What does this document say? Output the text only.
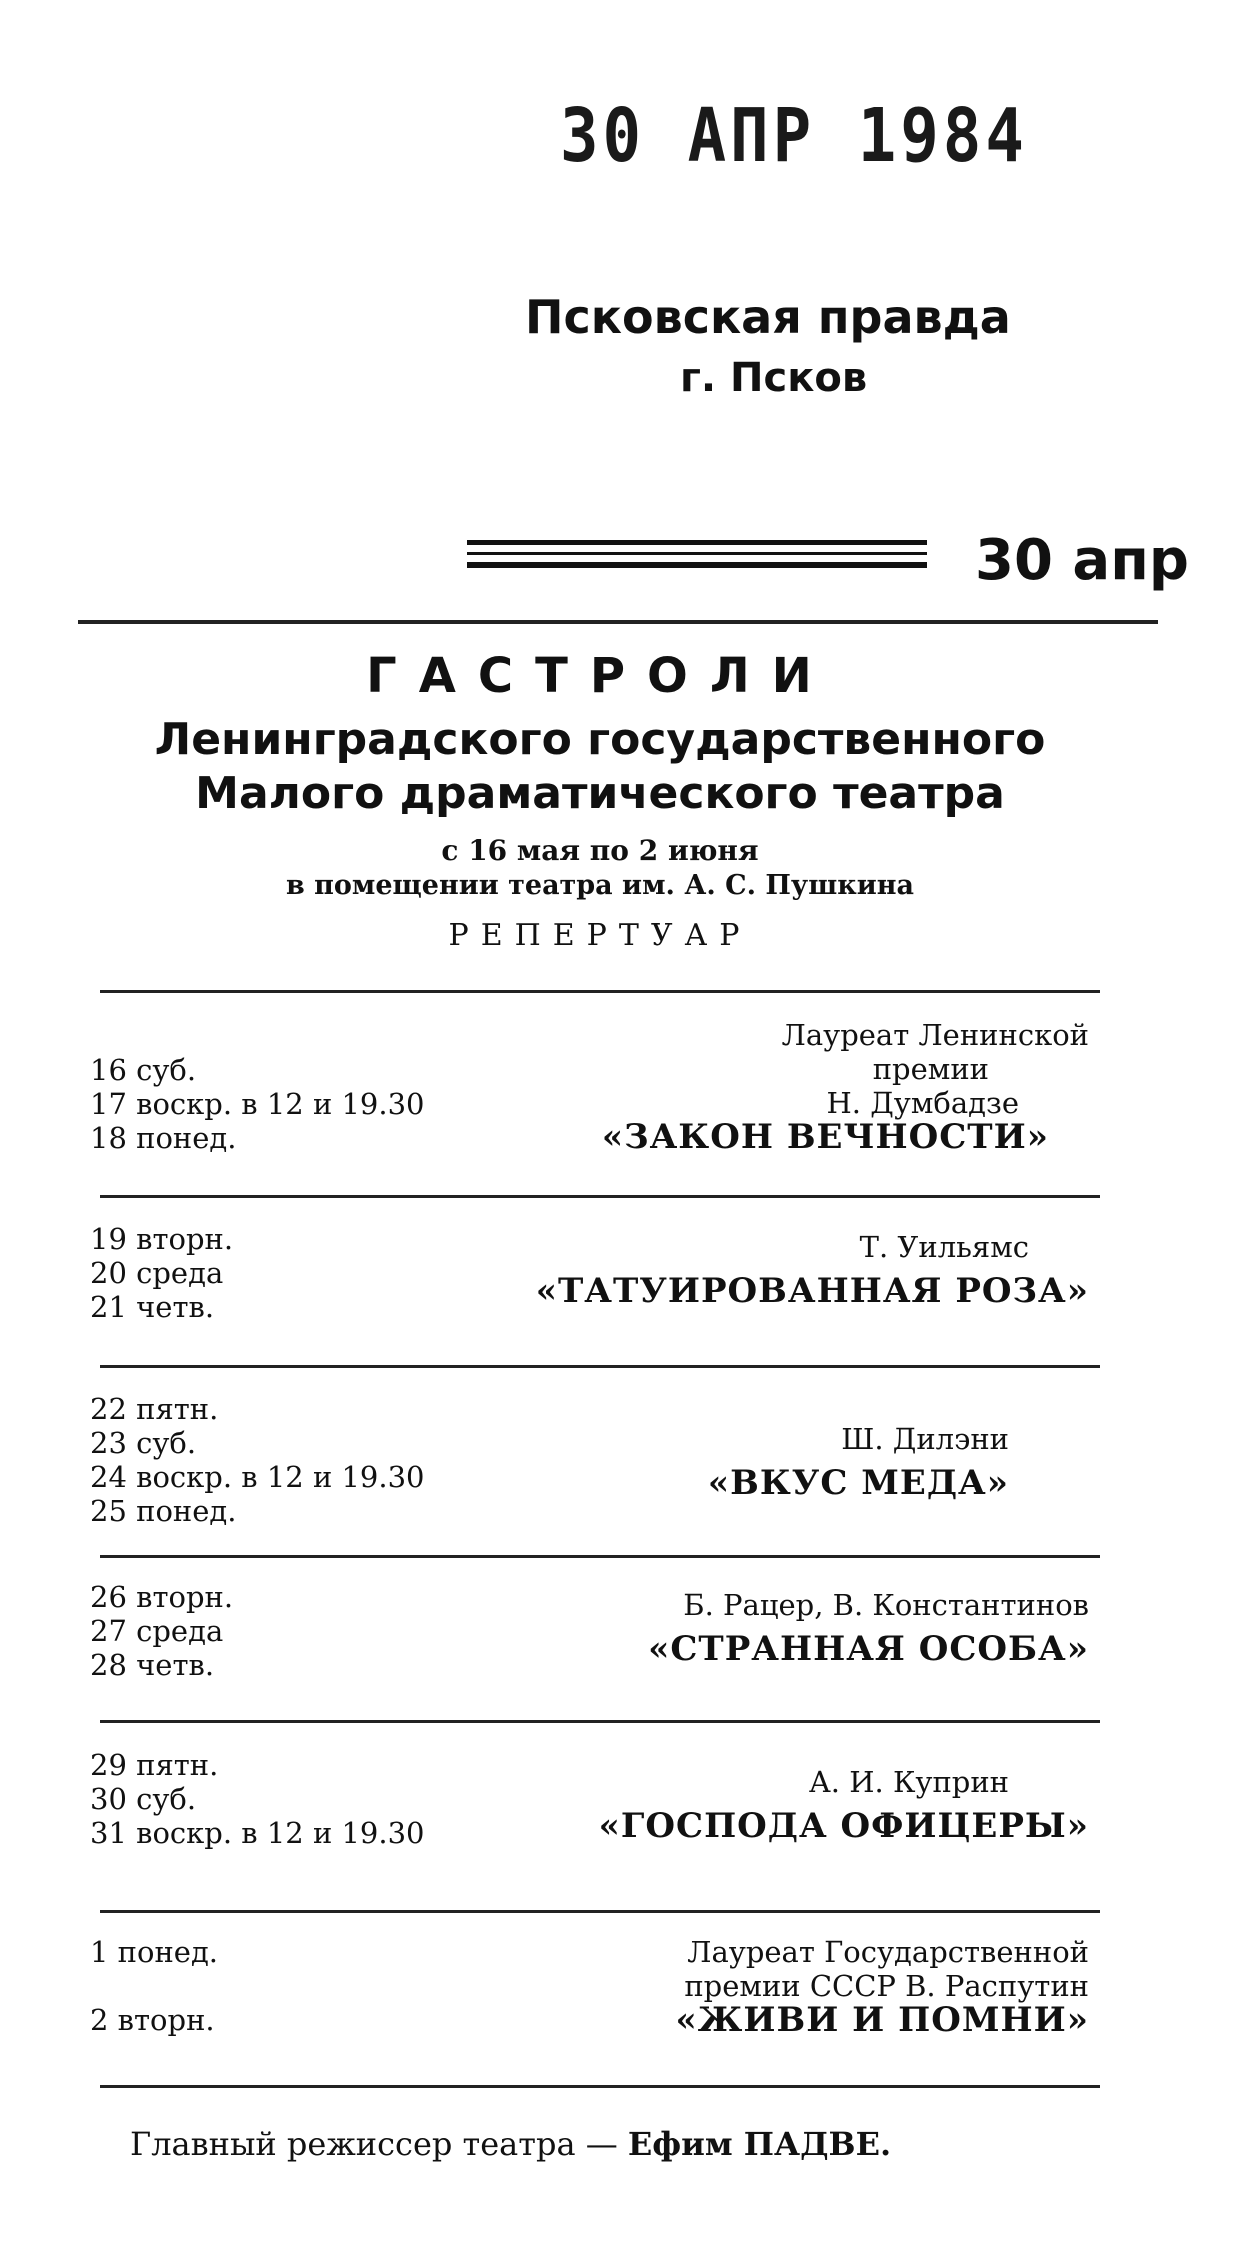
30 АПР 1984
Псковская правда
г. Псков
30 апр
ГАСТРОЛИ
Ленинградского государственного
Малого драматического театра
с 16 мая по 2 июня
в помещении театра им. А. С. Пушкина
РЕПЕРТУАР
16 суб.
17 воскр. в 12 и 19.30
18 понед.
Лауреат Ленинской
премии
Н. Думбадзе
«ЗАКОН ВЕЧНОСТИ»
19 вторн.
20 среда
21 четв.
Т. Уильямс
«ТАТУИРОВАННАЯ РОЗА»
22 пятн.
23 суб.
24 воскр. в 12 и 19.30
25 понед.
Ш. Дилэни
«ВКУС МЕДА»
26 вторн.
27 среда
28 четв.
Б. Рацер, В. Константинов
«СТРАННАЯ ОСОБА»
29 пятн.
30 суб.
31 воскр. в 12 и 19.30
А. И. Куприн
«ГОСПОДА ОФИЦЕРЫ»
1 понед.
2 вторн.
Лауреат Государственной
премии СССР В. Распутин
«ЖИВИ И ПОМНИ»
Главный режиссер театра — Ефим ПАДВЕ.
